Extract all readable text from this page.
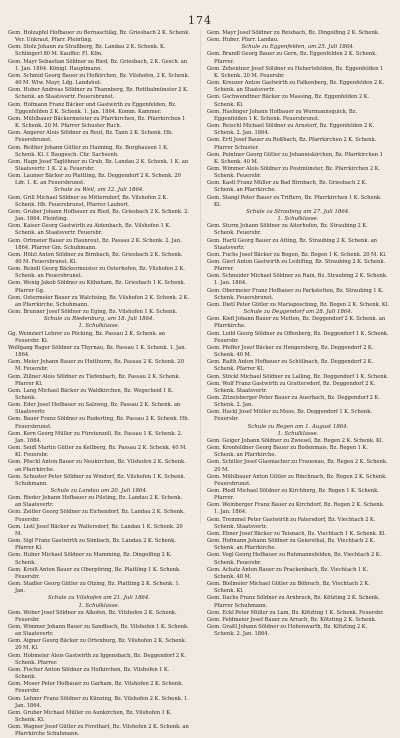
174

Gem. Holzapfel Hofbauer zu Bernaschläg, Bz. Griesbach 2 K. Schenk. Ver. Unkraut, Pfarr. Pleinting.

Gem. Stolz Johann zu Straßberg, Bz. Landau 2 K. Schenk. K. Schlingerl 80 M. Kauffer. Fl. Kfm.

Gem. Mayr Sebastian Söldner zu Ried, Bz. Griesbach, 2 K. Gesch. an 1. Jan. 1864. Königl. Hauptmann.

Gem. Schmid Georg Bauer zu Hofkirchen, Bz. Vilshofen, 2 K. Schenk. 40 M. Wtw. Mayr, Ldg. Landshut.

Gem. Huber Andreas Söldner zu Thannberg, Bz. Rotthalmünster 2 K. Schenk. an Staatsvertr. Feuersbrunst.

Gem. Hofmann Franz Bäcker und Gastwirth zu Eggenfelden, Bz. Eggenfelden 2 K. Schenk. 1. Jan. 1864. Komm. Kammer.

Gem. Mühlbauer Bäckermeister zu Pfarrkirchen, Bz. Pfarrkirchen 1 K. Schenk. 20 M. Pfarrer Schuster Ruch.

Gem. Angerer Alois Söldner zu Reut, Bz. Tann 2 K. Schenk. Hb. Feuersbrunst.

Gem. Reither Johann Gütler zu Haiming, Bz. Burghausen 1 K. Schenk. Kl. f. Baugesch. Chr. Sachsenh.

Gem. Hagn Josef Taglöhner zu Grub, Bz. Landau 2 K. Schenk. 1 K. an Staatsvertr. 1 K. 2 a. Feuersbr.

Gem. Laumer Bäcker zu Plattling, Bz. Deggendorf 2 K. Schenk. 20 Ldr. 1. K. an Feuersbrunst.

Schule zu Weil, am 12. Juli 1864.

Gem. Grill Michael Söldner zu Mitterndorf, Bz. Vilshofen 2 K. Schenk. Hb. Feuersbrunst, Pfarrer Laubert.

Gem. Gruber Johann Hofbauer zu Ried, Bz. Griesbach 2 K. Schenk. 2. Jan. 1864. Pleinting.

Gem. Kaiser Georg Gastwirth zu Aidenbach, Bz. Vilshofen 1 K. Schenk. an Staatsvertr. Feuersbr.

Gem. Ortmeier Bauer zu Haunreut, Bz. Passau 2 K. Schenk. 2. Jan. 1864. Pfarrer Gm. Schuhmann.

Gem. Hölzl Anton Söldner zu Birnbach, Bz. Griesbach 2 K. Schenk. 40 M. Feuersbrunst. Kl.

Gem. Reindl Georg Bäckermeister zu Osterhofen, Bz. Vilshofen 2 K. Schenk. an Feuersbrunst.

Gem. Wenig Jakob Söldner zu Kühnham, Bz. Griesbach 1 K. Schenk. Pfarrer Gg.

Gem. Ostermeier Bauer zu Walchsing, Bz. Vilshofen 2 K. Schenk. 2 K. an Pfarrkirche, Schuhmann.

Gem. Brunner Josef Söldner zu Eging, Bz. Vilshofen 1 K. Schenk.

Schule zu Riedenburg, am 18. Juli 1864.

1. Schulklasse.

Gg. Weinzierl Lehrer zu Pöcking, Bz. Passau 2 K. Schenk. an Feuersbr. Kl.

Wolfgang Rager Söldner zu Thyrnau, Bz. Passau 1 K. Schenk. 1. Jan. 1864.

Gem. Meier Johann Bauer zu Hutthurm, Bz. Passau 2 K. Schenk. 20 M. Feuersbr.

Gem. Zillner Alois Söldner zu Tiefenbach, Bz. Passau 2 K. Schenk. Pfarrer Kl.

Gem. Lang Michael Bäcker zu Waldkirchen, Bz. Wegscheid 1 K. Schenk.

Gem. Eder Josef Hofbauer zu Salzweg, Bz. Passau 2 K. Schenk. an Staatsvertr.

Gem. Bauer Franz Söldner zu Ruderting, Bz. Passau 2 K. Schenk. Hb. Feuersbrunst.

Gem. Kern Georg Müller zu Fürstenzell, Bz. Passau 1 K. Schenk. 2. Jan. 1864.

Gem. Seidl Martin Gütler zu Kellberg, Bz. Passau 2 K. Schenk. 40 M. Kl. Feuersbr.

Gem. Pöschl Anton Bauer zu Neukirchen, Bz. Vilshofen 2 K. Schenk. an Pfarrkirche.

Gem. Schuster Peter Söldner zu Windorf, Bz. Vilshofen 1 K. Schenk. Schuhmann.

Schule zu Landau am 20. Juli 1864.

Gem. Rieder Johann Hofbauer zu Pilsting, Bz. Landau 2 K. Schenk. an Staatsvertr.

Gem. Zeitler Georg Söldner zu Eichendorf, Bz. Landau 2 K. Schenk. Feuersbr.

Gem. Listl Josef Bäcker zu Wallersdorf, Bz. Landau 1 K. Schenk. 20 M.

Gem. Sigl Franz Gastwirth zu Simbach, Bz. Landau 2 K. Schenk. Pfarrer Kl.

Gem. Huber Michael Söldner zu Mamming, Bz. Dingolfing 2 K. Schenk.

Gem. Kroiß Anton Bauer zu Oberpöring, Bz. Plattling 1 K. Schenk. Feuersbr.

Gem. Stadler Georg Gütler zu Otzing, Bz. Plattling 2 K. Schenk. 1. Jan.

Schule zu Vilshofen am 21. Juli 1864.

1. Schulklasse.

Gem. Weber Josef Söldner zu Alkofen, Bz. Vilshofen 2 K. Schenk. Feuersbr.

Gem. Wimmer Johann Bauer zu Sandbach, Bz. Vilshofen 1 K. Schenk. an Staatsvertr.

Gem. Aigner Georg Bäcker zu Ortenburg, Bz. Vilshofen 2 K. Schenk. 20 M. Kl.

Gem. Hobmeier Alois Gastwirth zu Iggensbach, Bz. Deggendorf 2 K. Schenk. Pfarrer.

Gem. Fischer Anton Söldner zu Hofkirchen, Bz. Vilshofen 1 K. Schenk.

Gem. Moser Peter Hofbauer zu Garham, Bz. Vilshofen 2 K. Schenk. Feuersbr.

Gem. Lehner Franz Söldner zu Künzing, Bz. Vilshofen 2 K. Schenk. 1. Jan. 1864.

Gem. Gruber Michael Müller zu Aunkirchen, Bz. Vilshofen 1 K. Schenk. Kl.

Gem. Wagner Josef Gütler zu Forsthart, Bz. Vilshofen 2 K. Schenk. an Pfarrkirche Schuhmann.

Gem. Mayr Josef Söldner zu Reisbach, Bz. Dingolfing 2 K. Schenk.

Gem. Huber, Pfarr. Landau.

Schule zu Eggenfelden, am 25. Juli 1864.

Gem. Brandl Georg Bauer zu Gern, Bz. Eggenfelden 2 K. Schenk. Pfarrer.

Gem. Zehentner Josef Söldner zu Hebertsfelden, Bz. Eggenfelden 1 K. Schenk. 20 M. Feuersbr.

Gem. Kreuzer Anton Gastwirth zu Falkenberg, Bz. Eggenfelden 2 K. Schenk. an Staatsvertr.

Gem. Gschwendtner Bäcker zu Massing, Bz. Eggenfelden 2 K. Schenk. Kl.

Gem. Haslinger Johann Hofbauer zu Wurmannsquick, Bz. Eggenfelden 1 K. Schenk. Feuersbrunst.

Gem. Reischl Michael Söldner zu Arnstorf, Bz. Eggenfelden 2 K. Schenk. 2. Jan. 1864.

Gem. Ertl Josef Bauer zu Roßbach, Bz. Pfarrkirchen 2 K. Schenk. Pfarrer Schuster.

Gem. Pointner Georg Gütler zu Johanniskirchen, Bz. Pfarrkirchen 1 K. Schenk. 40 M.

Gem. Wimmer Alois Söldner zu Postmünster, Bz. Pfarrkirchen 2 K. Schenk. Feuersbr.

Gem. Kastl Franz Müller zu Bad Birnbach, Bz. Griesbach 2 K. Schenk. an Pfarrkirche.

Gem. Stangl Peter Bauer zu Triftern, Bz. Pfarrkirchen 1 K. Schenk. Kl.

Schule zu Straubing am 27. Juli 1864.

1. Schulklasse.

Gem. Sturm Johann Söldner zu Aiterhofen, Bz. Straubing 2 K. Schenk. Feuersbr.

Gem. Hartl Georg Bauer zu Atting, Bz. Straubing 2 K. Schenk. an Staatsvertr.

Gem. Fuchs Josef Bäcker zu Bogen, Bz. Bogen 1 K. Schenk. 20 M. Kl.

Gem. Gierl Anton Gastwirth zu Leiblfing, Bz. Straubing 2 K. Schenk. Pfarrer.

Gem. Schneider Michael Söldner zu Rain, Bz. Straubing 2 K. Schenk. 1. Jan. 1864.

Gem. Obermeier Franz Hofbauer zu Parkstetten, Bz. Straubing 1 K. Schenk. Feuersbrunst.

Gem. Dietl Peter Gütler zu Mariaposching, Bz. Bogen 2 K. Schenk. Kl.

Schule zu Deggendorf am 28. Juli 1864.

Gem. Kiefl Johann Bauer zu Metten, Bz. Deggendorf 2 K. Schenk. an Pfarrkirche.

Gem. Loibl Georg Söldner zu Offenberg, Bz. Deggendorf 1 K. Schenk. Feuersbr.

Gem. Pfeffer Josef Bäcker zu Hengersberg, Bz. Deggendorf 2 K. Schenk. 40 M.

Gem. Raith Anton Hofbauer zu Schöllnach, Bz. Deggendorf 2 K. Schenk. Pfarrer Kl.

Gem. Stöckl Michael Söldner zu Lalling, Bz. Deggendorf 1 K. Schenk.

Gem. Wolf Franz Gastwirth zu Grattersdorf, Bz. Deggendorf 2 K. Schenk. Staatsvertr.

Gem. Zitzelsberger Peter Bauer zu Auerbach, Bz. Deggendorf 2 K. Schenk. 2. Jan.

Gem. Hackl Josef Müller zu Moos, Bz. Deggendorf 1 K. Schenk. Feuersbr.

Schule zu Regen am 1. August 1864.

1. Schulklasse.

Gem. Geiger Johann Söldner zu Zwiesel, Bz. Regen 2 K. Schenk. Kl.

Gem. Kronfeldner Georg Bauer zu Bodenmais, Bz. Regen 1 K. Schenk. an Pfarrkirche.

Gem. Schiller Josef Glasmacher zu Frauenau, Bz. Regen 2 K. Schenk. 20 M.

Gem. Mühlbauer Anton Gütler zu Rinchnach, Bz. Regen 2 K. Schenk. Feuersbrunst.

Gem. Pledl Michael Söldner zu Kirchberg, Bz. Regen 1 K. Schenk. Pfarrer.

Gem. Weinberger Franz Bauer zu Kirchdorf, Bz. Regen 2 K. Schenk. 1. Jan. 1864.

Gem. Tremmel Peter Gastwirth zu Patersdorf, Bz. Viechtach 2 K. Schenk. Staatsvertr.

Gem. Ebner Josef Bäcker zu Teisnach, Bz. Viechtach 1 K. Schenk. Kl.

Gem. Hofmann Johann Söldner zu Geiersthal, Bz. Viechtach 2 K. Schenk. an Pfarrkirche.

Gem. Vogl Georg Hofbauer zu Ruhmannsfelden, Bz. Viechtach 2 K. Schenk. Feuersbr.

Gem. Achatz Anton Bauer zu Prackenbach, Bz. Viechtach 1 K. Schenk. 40 M.

Gem. Bielmeier Michael Gütler zu Böbrach, Bz. Viechtach 2 K. Schenk. Kl.

Gem. Dachs Franz Söldner zu Arnbruck, Bz. Kötzting 2 K. Schenk. Pfarrer Schuhmann.

Gem. Eckl Peter Müller zu Lam, Bz. Kötzting 1 K. Schenk. Feuersbr.

Gem. Feldmeier Josef Bauer zu Arrach, Bz. Kötzting 2 K. Schenk.

Gem. Graßl Johann Söldner zu Hohenwarth, Bz. Kötzting 2 K. Schenk. 2. Jan. 1864.
